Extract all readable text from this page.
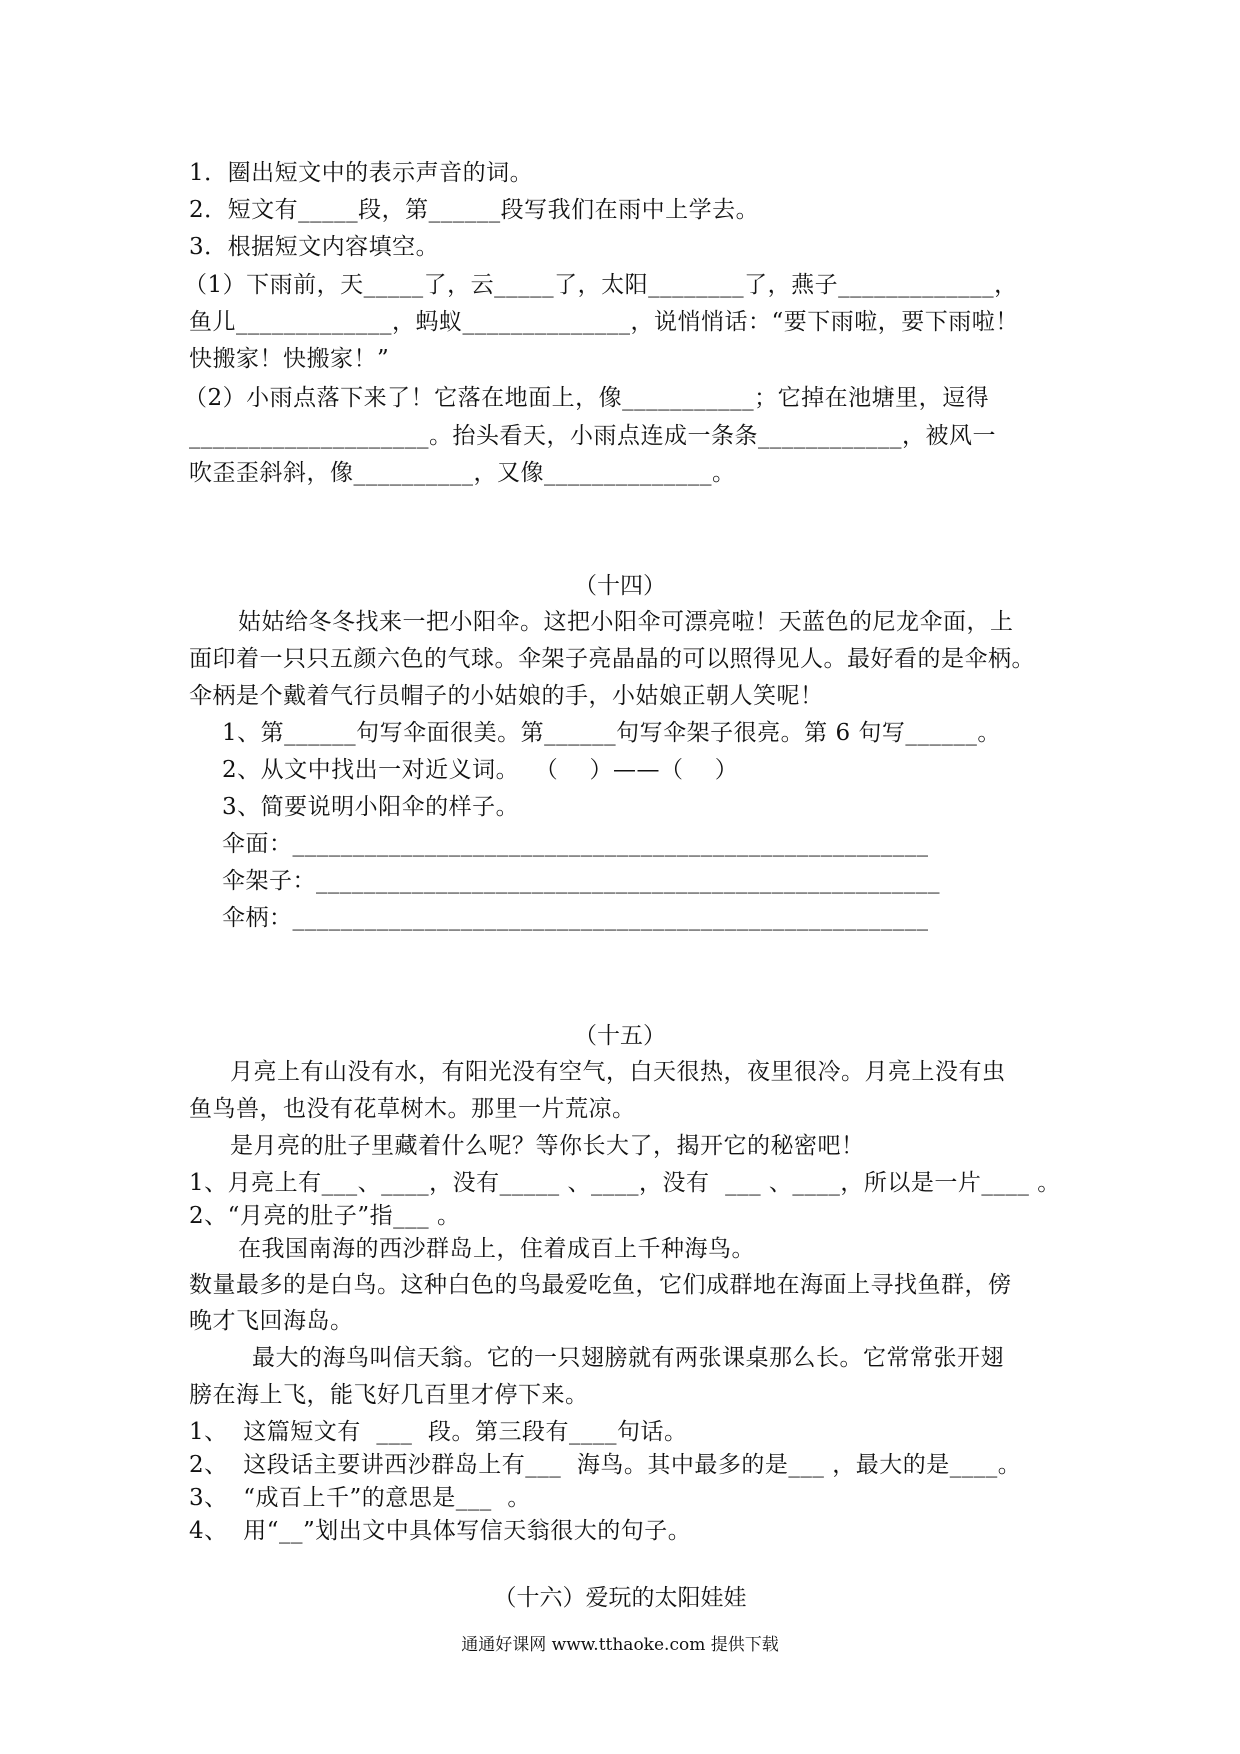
1．圈出短文中的表示声音的词。
2．短文有_____段，第______段写我们在雨中上学去。
3．根据短文内容填空。
（1）下雨前，天_____了，云_____了，太阳________了，燕子_____________，
鱼儿_____________，蚂蚁______________，说悄悄话：“要下雨啦，要下雨啦！
快搬家！快搬家！”
（2）小雨点落下来了！它落在地面上，像___________；它掉在池塘里，逗得
____________________。抬头看天，小雨点连成一条条____________，被风一
吹歪歪斜斜，像__________，又像______________。
（十四）
姑姑给冬冬找来一把小阳伞。这把小阳伞可漂亮啦！天蓝色的尼龙伞面，上
面印着一只只五颜六色的气球。伞架子亮晶晶的可以照得见人。最好看的是伞柄。
伞柄是个戴着气行员帽子的小姑娘的手，小姑娘正朝人笑呢！
1、第______句写伞面很美。第______句写伞架子很亮。第 6 句写______。
2、从文中找出一对近义词。  （    ）——（    ）
3、简要说明小阳伞的样子。
伞面：_____________________________________________________
伞架子：____________________________________________________
伞柄：_____________________________________________________
（十五）
月亮上有山没有水，有阳光没有空气，白天很热，夜里很冷。月亮上没有虫
鱼鸟兽，也没有花草树木。那里一片荒凉。
是月亮的肚子里藏着什么呢？等你长大了，揭开它的秘密吧！
1、月亮上有___、____，没有_____ 、____，没有  ___ 、____，所以是一片____ 。
2、“月亮的肚子”指___ 。
在我国南海的西沙群岛上，住着成百上千种海鸟。
数量最多的是白鸟。这种白色的鸟最爱吃鱼，它们成群地在海面上寻找鱼群，傍
晚才飞回海岛。
最大的海鸟叫信天翁。它的一只翅膀就有两张课桌那么长。它常常张开翅
膀在海上飞，能飞好几百里才停下来。
1、  这篇短文有  ___  段。第三段有____句话。
2、  这段话主要讲西沙群岛上有___  海鸟。其中最多的是___ ，最大的是____。
3、  “成百上千”的意思是___  。
4、  用“__”划出文中具体写信天翁很大的句子。
（十六）爱玩的太阳娃娃
通通好课网 www.tthaoke.com 提供下载
